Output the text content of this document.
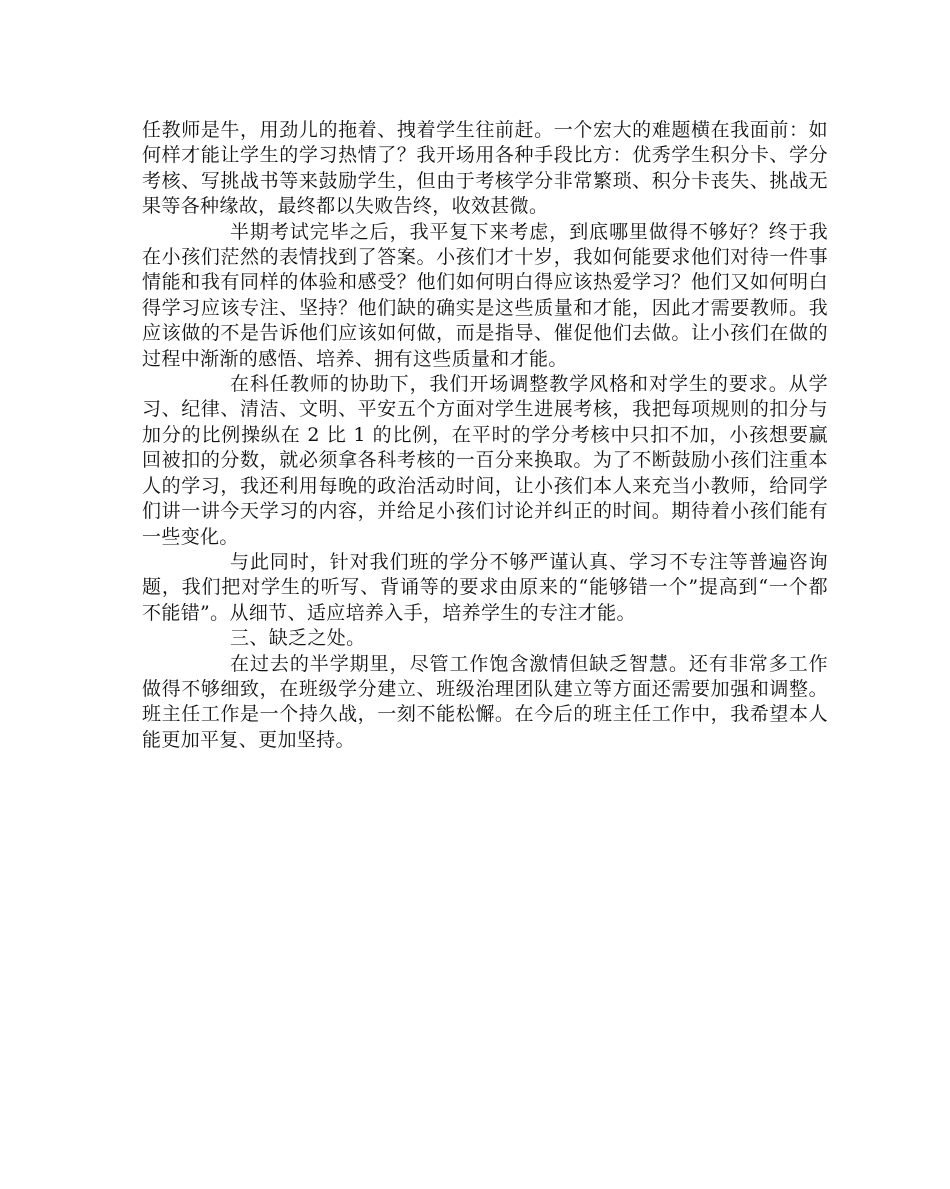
任教师是牛，用劲儿的拖着、拽着学生往前赶。一个宏大的难题横在我面前：如何样才能让学生的学习热情了？我开场用各种手段比方：优秀学生积分卡、学分考核、写挑战书等来鼓励学生，但由于考核学分非常繁琐、积分卡丧失、挑战无果等各种缘故，最终都以失败告终，收效甚微。

半期考试完毕之后，我平复下来考虑，到底哪里做得不够好？终于我在小孩们茫然的表情找到了答案。小孩们才十岁，我如何能要求他们对待一件事情能和我有同样的体验和感受？他们如何明白得应该热爱学习？他们又如何明白得学习应该专注、坚持？他们缺的确实是这些质量和才能，因此才需要教师。我应该做的不是告诉他们应该如何做，而是指导、催促他们去做。让小孩们在做的过程中渐渐的感悟、培养、拥有这些质量和才能。

在科任教师的协助下，我们开场调整教学风格和对学生的要求。从学习、纪律、清洁、文明、平安五个方面对学生进展考核，我把每项规则的扣分与加分的比例操纵在 2 比 1 的比例，在平时的学分考核中只扣不加，小孩想要赢回被扣的分数，就必须拿各科考核的一百分来换取。为了不断鼓励小孩们注重本人的学习，我还利用每晚的政治活动时间，让小孩们本人来充当小教师，给同学们讲一讲今天学习的内容，并给足小孩们讨论并纠正的时间。期待着小孩们能有一些变化。

与此同时，针对我们班的学分不够严谨认真、学习不专注等普遍咨询题，我们把对学生的听写、背诵等的要求由原来的“能够错一个”提高到“一个都不能错”。从细节、适应培养入手，培养学生的专注才能。

三、缺乏之处。

在过去的半学期里，尽管工作饱含激情但缺乏智慧。还有非常多工作做得不够细致，在班级学分建立、班级治理团队建立等方面还需要加强和调整。班主任工作是一个持久战，一刻不能松懈。在今后的班主任工作中，我希望本人能更加平复、更加坚持。
